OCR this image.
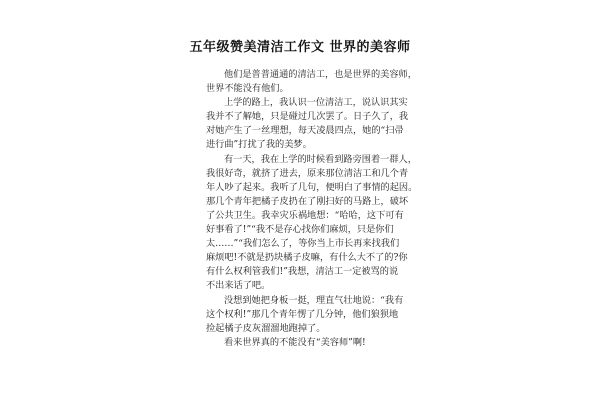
五年级赞美清洁工作文 世界的美容师
他们是普普通通的清洁工，也是世界的美容师，
世界不能没有他们。
上学的路上，我认识一位清洁工，说认识其实
我并不了解她，只是碰过几次罢了。日子久了，我
对她产生了一丝理想，每天凌晨四点，她的“扫帚
进行曲”打扰了我的美梦。
有一天，我在上学的时候看到路旁围着一群人，
我很好奇，就挤了进去，原来那位清洁工和几个青
年人吵了起来。我听了几句，便明白了事情的起因。
那几个青年把橘子皮扔在了刚扫好的马路上，破坏
了公共卫生。我幸灾乐祸地想：“哈哈，这下可有
好事看了!”“我不是存心找你们麻烦，只是你们
太……”“我们怎么了，等你当上市长再来找我们
麻烦吧!不就是扔块橘子皮嘛，有什么大不了的?你
有什么权利管我们!”我想，清洁工一定被骂的说
不出来话了吧。
没想到她把身板一挺，理直气壮地说：“我有
这个权利!”那几个青年愣了几分钟，他们狼狈地
捡起橘子皮灰溜溜地跑掉了。
看来世界真的不能没有“美容师”啊!
